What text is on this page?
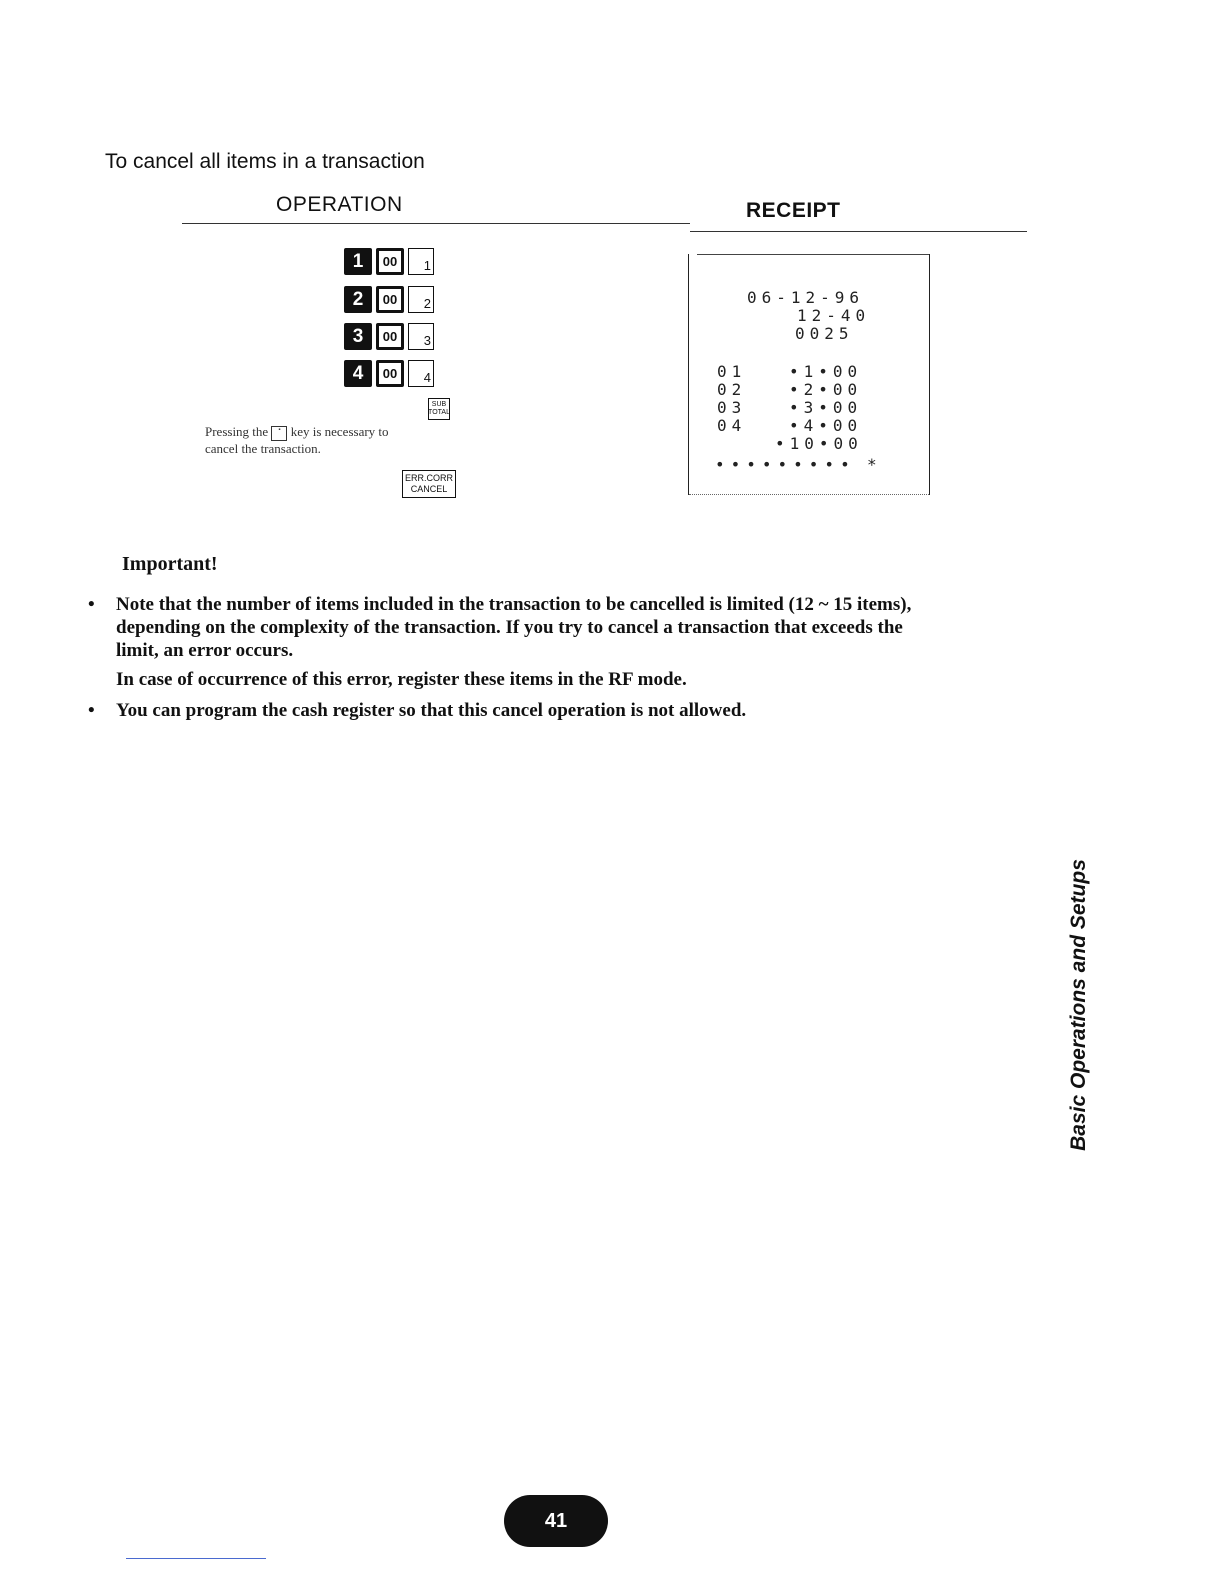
To cancel all items in a transaction
OPERATION	RECEIPT
1	00	1
2	00	2
3	00	3
4	00	4
SUB
TOTAL
Pressing the ▪ key is necessary to
cancel the transaction.
ERR.CORR
CANCEL
06-12-96
12-40
0025
01	•1•00
02	•2•00
03	•3•00
04	•4•00
•10•00
••••••••• *
Important!
• Note that the number of items included in the transaction to be cancelled is limited (12 ~ 15 items),

depending on the complexity of the transaction. If you try to cancel a transaction that exceeds the

limit, an error occurs.

In case of occurrence of this error, register these items in the RF mode.

• You can program the cash register so that this cancel operation is not allowed.

Basic Operations and Setups
41
